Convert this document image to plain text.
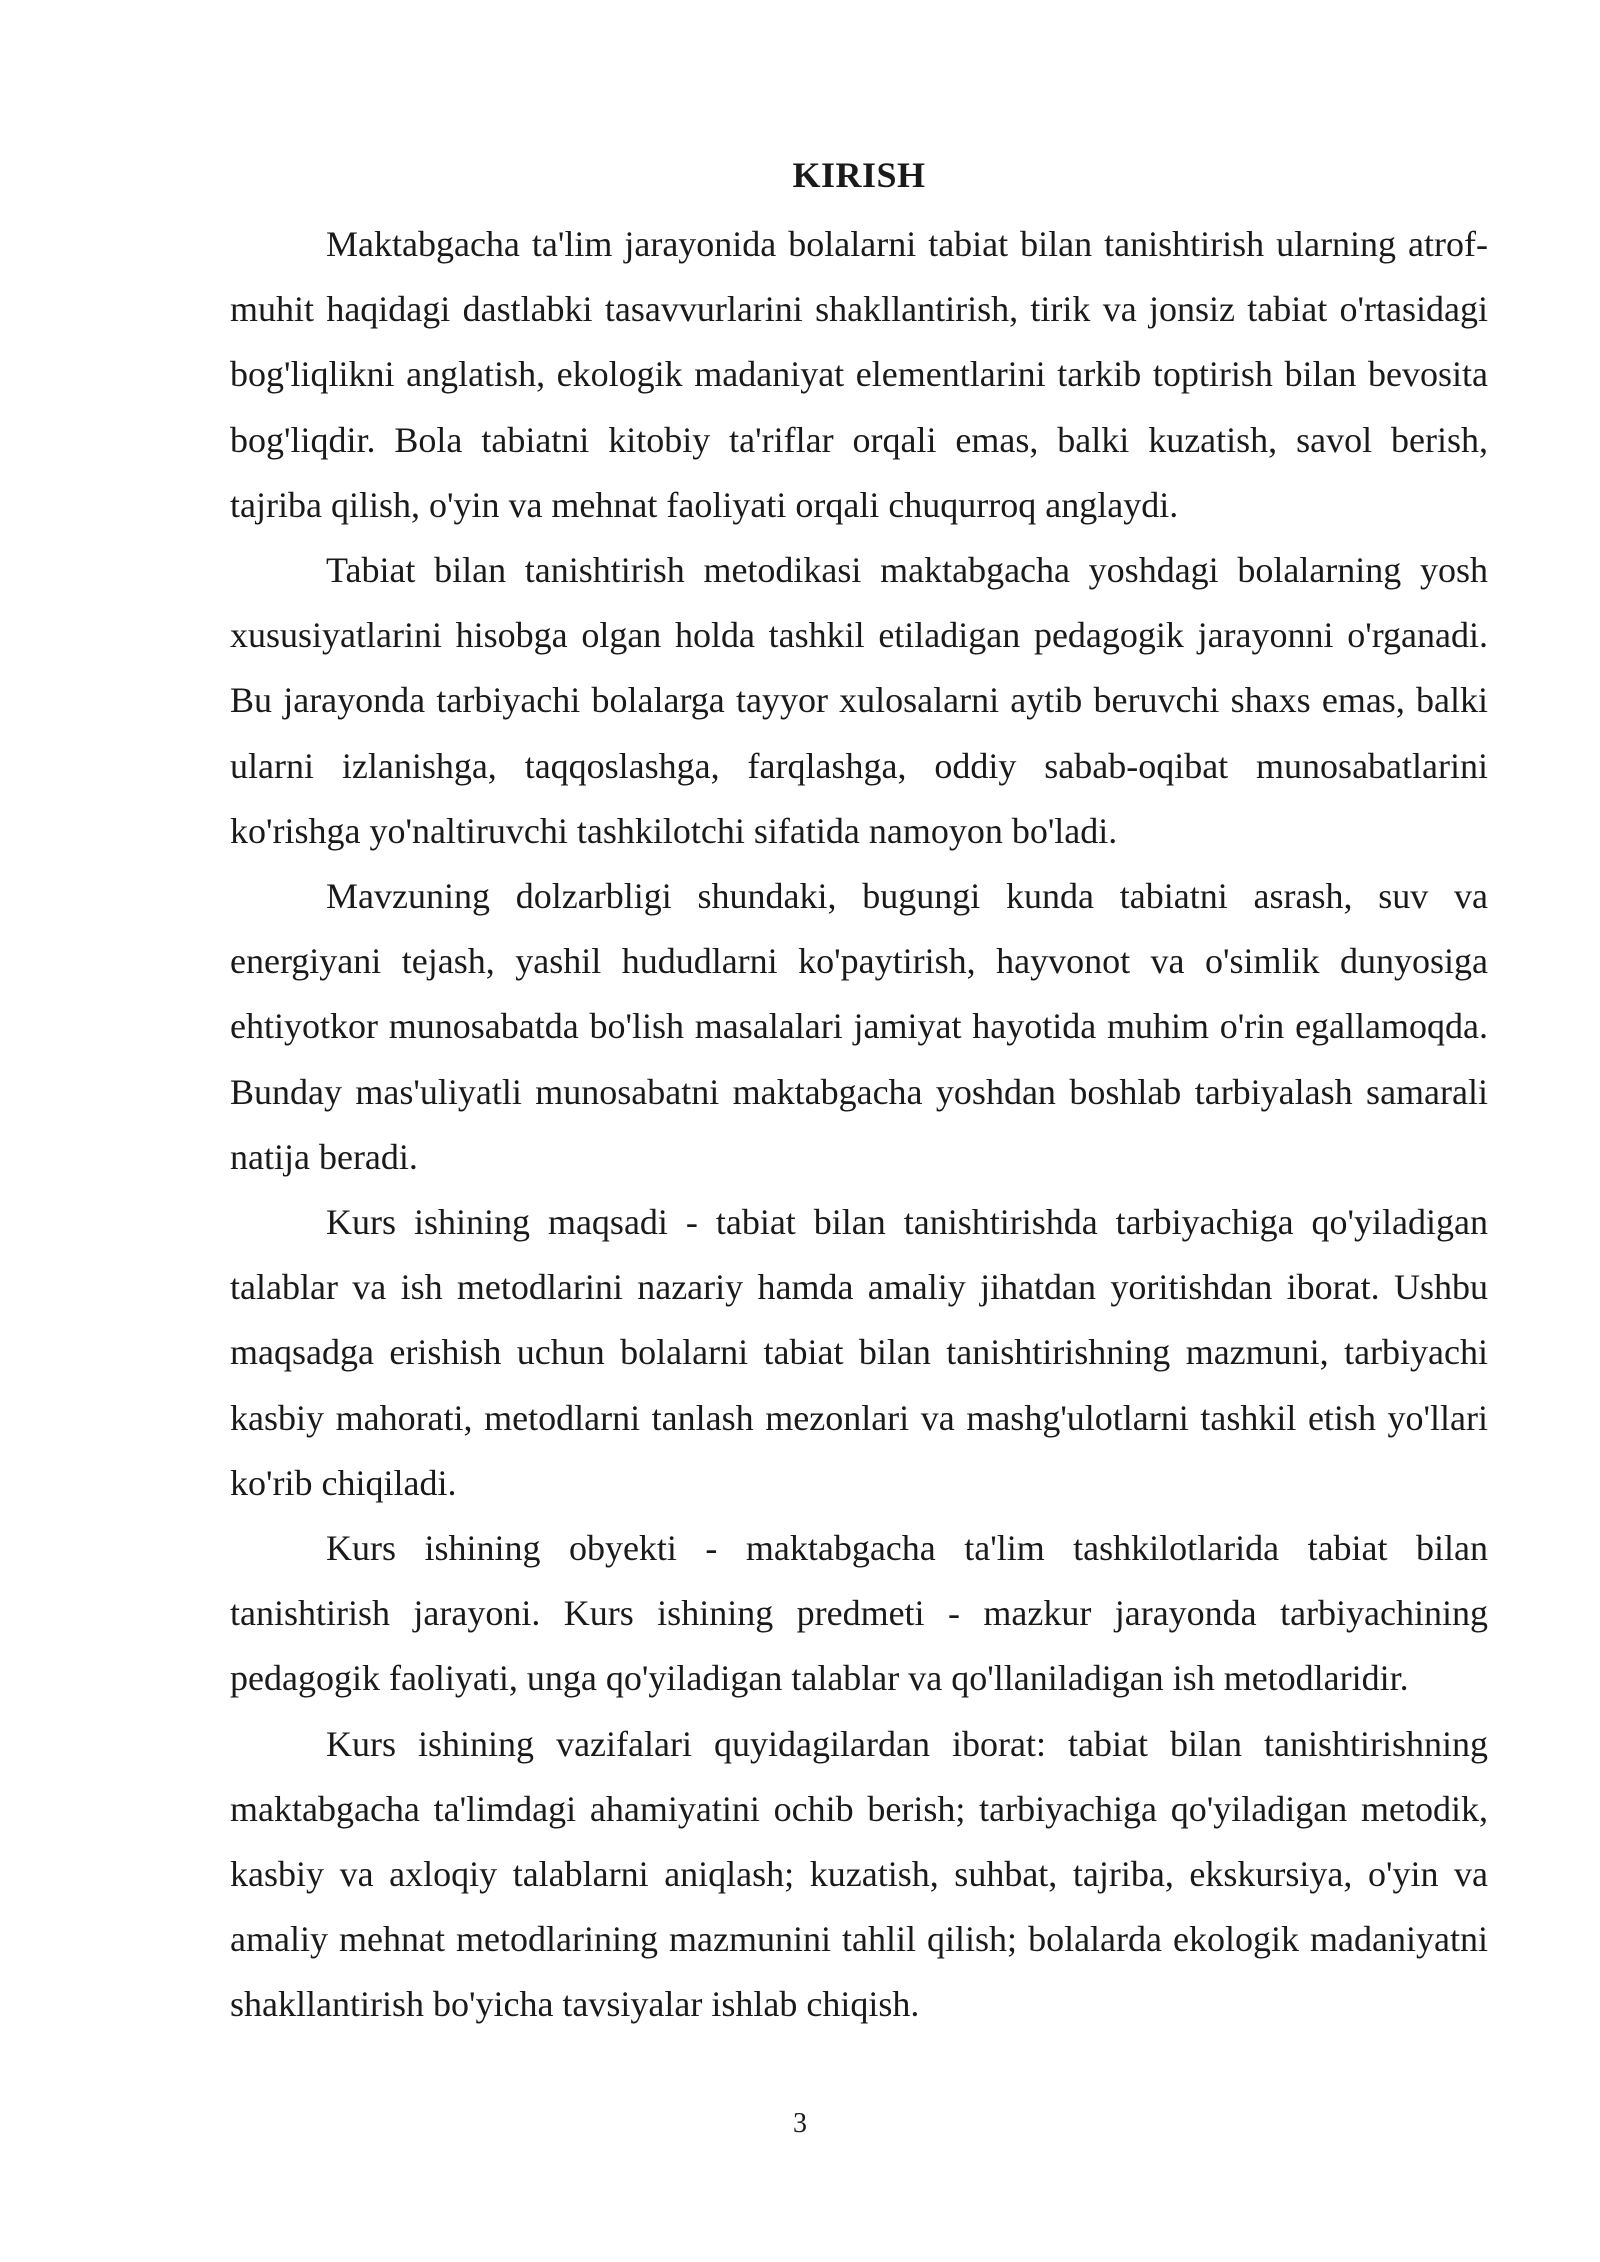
KIRISH

Maktabgacha ta'lim jarayonida bolalarni tabiat bilan tanishtirish ularning atrof-muhit haqidagi dastlabki tasavvurlarini shakllantirish, tirik va jonsiz tabiat o'rtasidagi bog'liqlikni anglatish, ekologik madaniyat elementlarini tarkib toptirish bilan bevosita bog'liqdir. Bola tabiatni kitobiy ta'riflar orqali emas, balki kuzatish, savol berish, tajriba qilish, o'yin va mehnat faoliyati orqali chuqurroq anglaydi.

Tabiat bilan tanishtirish metodikasi maktabgacha yoshdagi bolalarning yosh xususiyatlarini hisobga olgan holda tashkil etiladigan pedagogik jarayonni o'rganadi. Bu jarayonda tarbiyachi bolalarga tayyor xulosalarni aytib beruvchi shaxs emas, balki ularni izlanishga, taqqoslashga, farqlashga, oddiy sabab-oqibat munosabatlarini ko'rishga yo'naltiruvchi tashkilotchi sifatida namoyon bo'ladi.

Mavzuning dolzarbligi shundaki, bugungi kunda tabiatni asrash, suv va energiyani tejash, yashil hududlarni ko'paytirish, hayvonot va o'simlik dunyosiga ehtiyotkor munosabatda bo'lish masalalari jamiyat hayotida muhim o'rin egallamoqda. Bunday mas'uliyatli munosabatni maktabgacha yoshdan boshlab tarbiyalash samarali natija beradi.

Kurs ishining maqsadi - tabiat bilan tanishtirishda tarbiyachiga qo'yiladigan talablar va ish metodlarini nazariy hamda amaliy jihatdan yoritishdan iborat. Ushbu maqsadga erishish uchun bolalarni tabiat bilan tanishtirishning mazmuni, tarbiyachi kasbiy mahorati, metodlarni tanlash mezonlari va mashg'ulotlarni tashkil etish yo'llari ko'rib chiqiladi.

Kurs ishining obyekti - maktabgacha ta'lim tashkilotlarida tabiat bilan tanishtirish jarayoni. Kurs ishining predmeti - mazkur jarayonda tarbiyachining pedagogik faoliyati, unga qo'yiladigan talablar va qo'llaniladigan ish metodlaridir.

Kurs ishining vazifalari quyidagilardan iborat: tabiat bilan tanishtirishning maktabgacha ta'limdagi ahamiyatini ochib berish; tarbiyachiga qo'yiladigan metodik, kasbiy va axloqiy talablarni aniqlash; kuzatish, suhbat, tajriba, ekskursiya, o'yin va amaliy mehnat metodlarining mazmunini tahlil qilish; bolalarda ekologik madaniyatni shakllantirish bo'yicha tavsiyalar ishlab chiqish.

3
